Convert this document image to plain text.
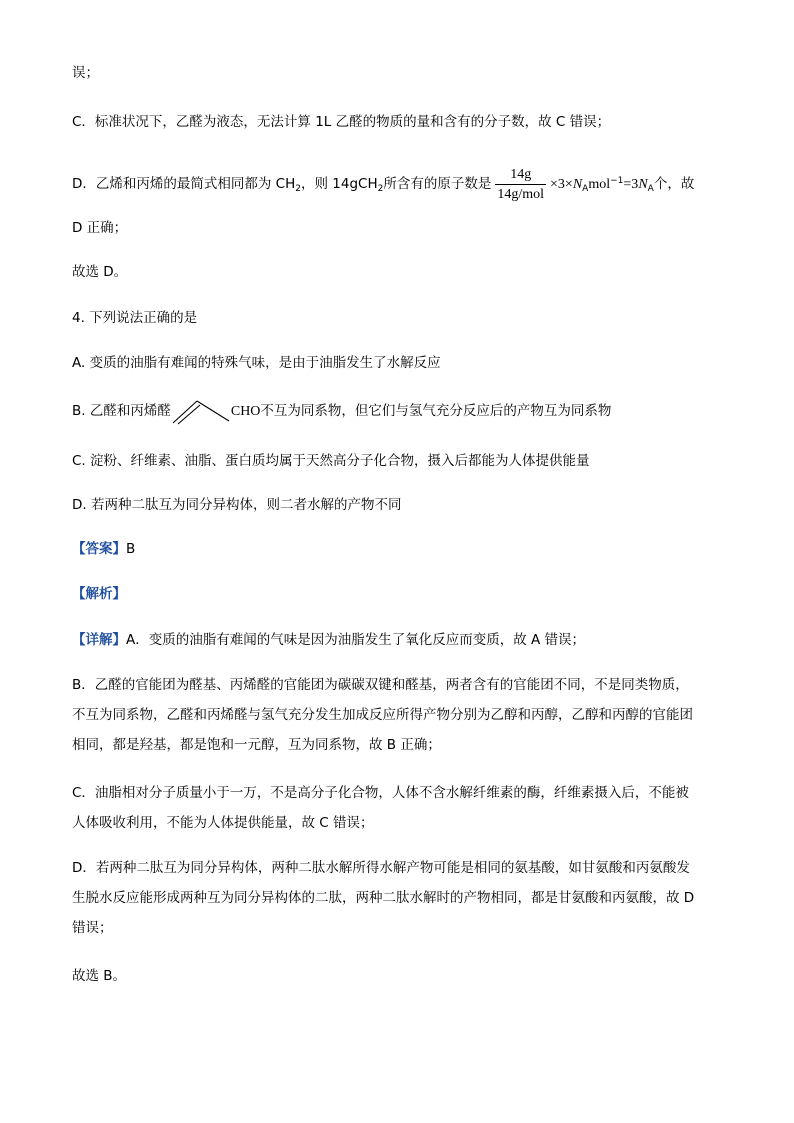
误；
C．标准状况下，乙醛为液态，无法计算 1L 乙醛的物质的量和含有的分子数，故 C 错误；
D．乙烯和丙烯的最简式相同都为 $CH_2$，则 14gCH$_2$所含有的原子数是 $\frac{14g}{\text{14g/mol}} \times 3\times N_Amol^{-1}=3N_A$个，故
D 正确；
故选 D。
4. 下列说法正确的是
A. 变质的油脂有难闻的特殊气味，是由于油脂发生了水解反应
B. 乙醛和丙烯醛	CHO不互为同系物，但它们与氢气充分反应后的产物互为同系物
C. 淀粉、纤维素、油脂、蛋白质均属于天然高分子化合物，摄入后都能为人体提供能量
D. 若两种二肽互为同分异构体，则二者水解的产物不同
【答案】B
【解析】
【详解】A．变质的油脂有难闻的气味是因为油脂发生了氧化反应而变质，故 A 错误；
B．乙醛的官能团为醛基、丙烯醛的官能团为碳碳双键和醛基，两者含有的官能团不同，不是同类物质，
不互为同系物，乙醛和丙烯醛与氢气充分发生加成反应所得产物分别为乙醇和丙醇，乙醇和丙醇的官能团
相同，都是羟基，都是饱和一元醇，互为同系物，故 B 正确；
C．油脂相对分子质量小于一万，不是高分子化合物，人体不含水解纤维素的酶，纤维素摄入后，不能被
人体吸收利用，不能为人体提供能量，故 C 错误；
D．若两种二肽互为同分异构体，两种二肽水解所得水解产物可能是相同的氨基酸，如甘氨酸和丙氨酸发
生脱水反应能形成两种互为同分异构体的二肽，两种二肽水解时的产物相同，都是甘氨酸和丙氨酸，故 D
错误；
故选 B。
